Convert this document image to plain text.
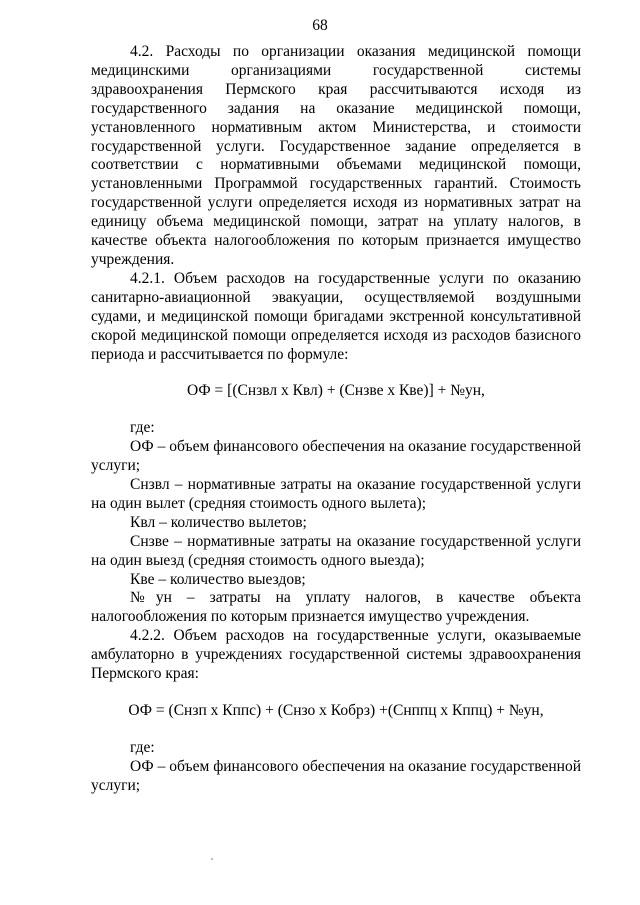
68

4.2. Расходы по организации оказания медицинской помощи медицинскими организациями государственной системы здравоохранения Пермского края рассчитываются исходя из государственного задания на оказание медицинской помощи, установленного нормативным актом Министерства, и стоимости государственной услуги. Государственное задание определяется в соответствии с нормативными объемами медицинской помощи, установленными Программой государственных гарантий. Стоимость государственной услуги определяется исходя из нормативных затрат на единицу объема медицинской помощи, затрат на уплату налогов, в качестве объекта налогообложения по которым признается имущество учреждения.

4.2.1. Объем расходов на государственные услуги по оказанию санитарно-авиационной эвакуации, осуществляемой воздушными судами, и медицинской помощи бригадами экстренной консультативной скорой медицинской помощи определяется исходя из расходов базисного периода и рассчитывается по формуле:

ОФ = [(Снзвл x Квл) + (Снзве x Кве)] + №ун,

где:

ОФ – объем финансового обеспечения на оказание государственной услуги;

Снзвл – нормативные затраты на оказание государственной услуги на один вылет (средняя стоимость одного вылета);

Квл – количество вылетов;

Снзве – нормативные затраты на оказание государственной услуги на один выезд (средняя стоимость одного выезда);

Кве – количество выездов;

№ун – затраты на уплату налогов, в качестве объекта налогообложения по которым признается имущество учреждения.

4.2.2. Объем расходов на государственные услуги, оказываемые амбулаторно в учреждениях государственной системы здравоохранения Пермского края:

ОФ = (Снзп x Кппс) + (Снзо x Кобрз) +(Снппц x Кппц) + №ун,

где:

ОФ – объем финансового обеспечения на оказание государственной услуги;
